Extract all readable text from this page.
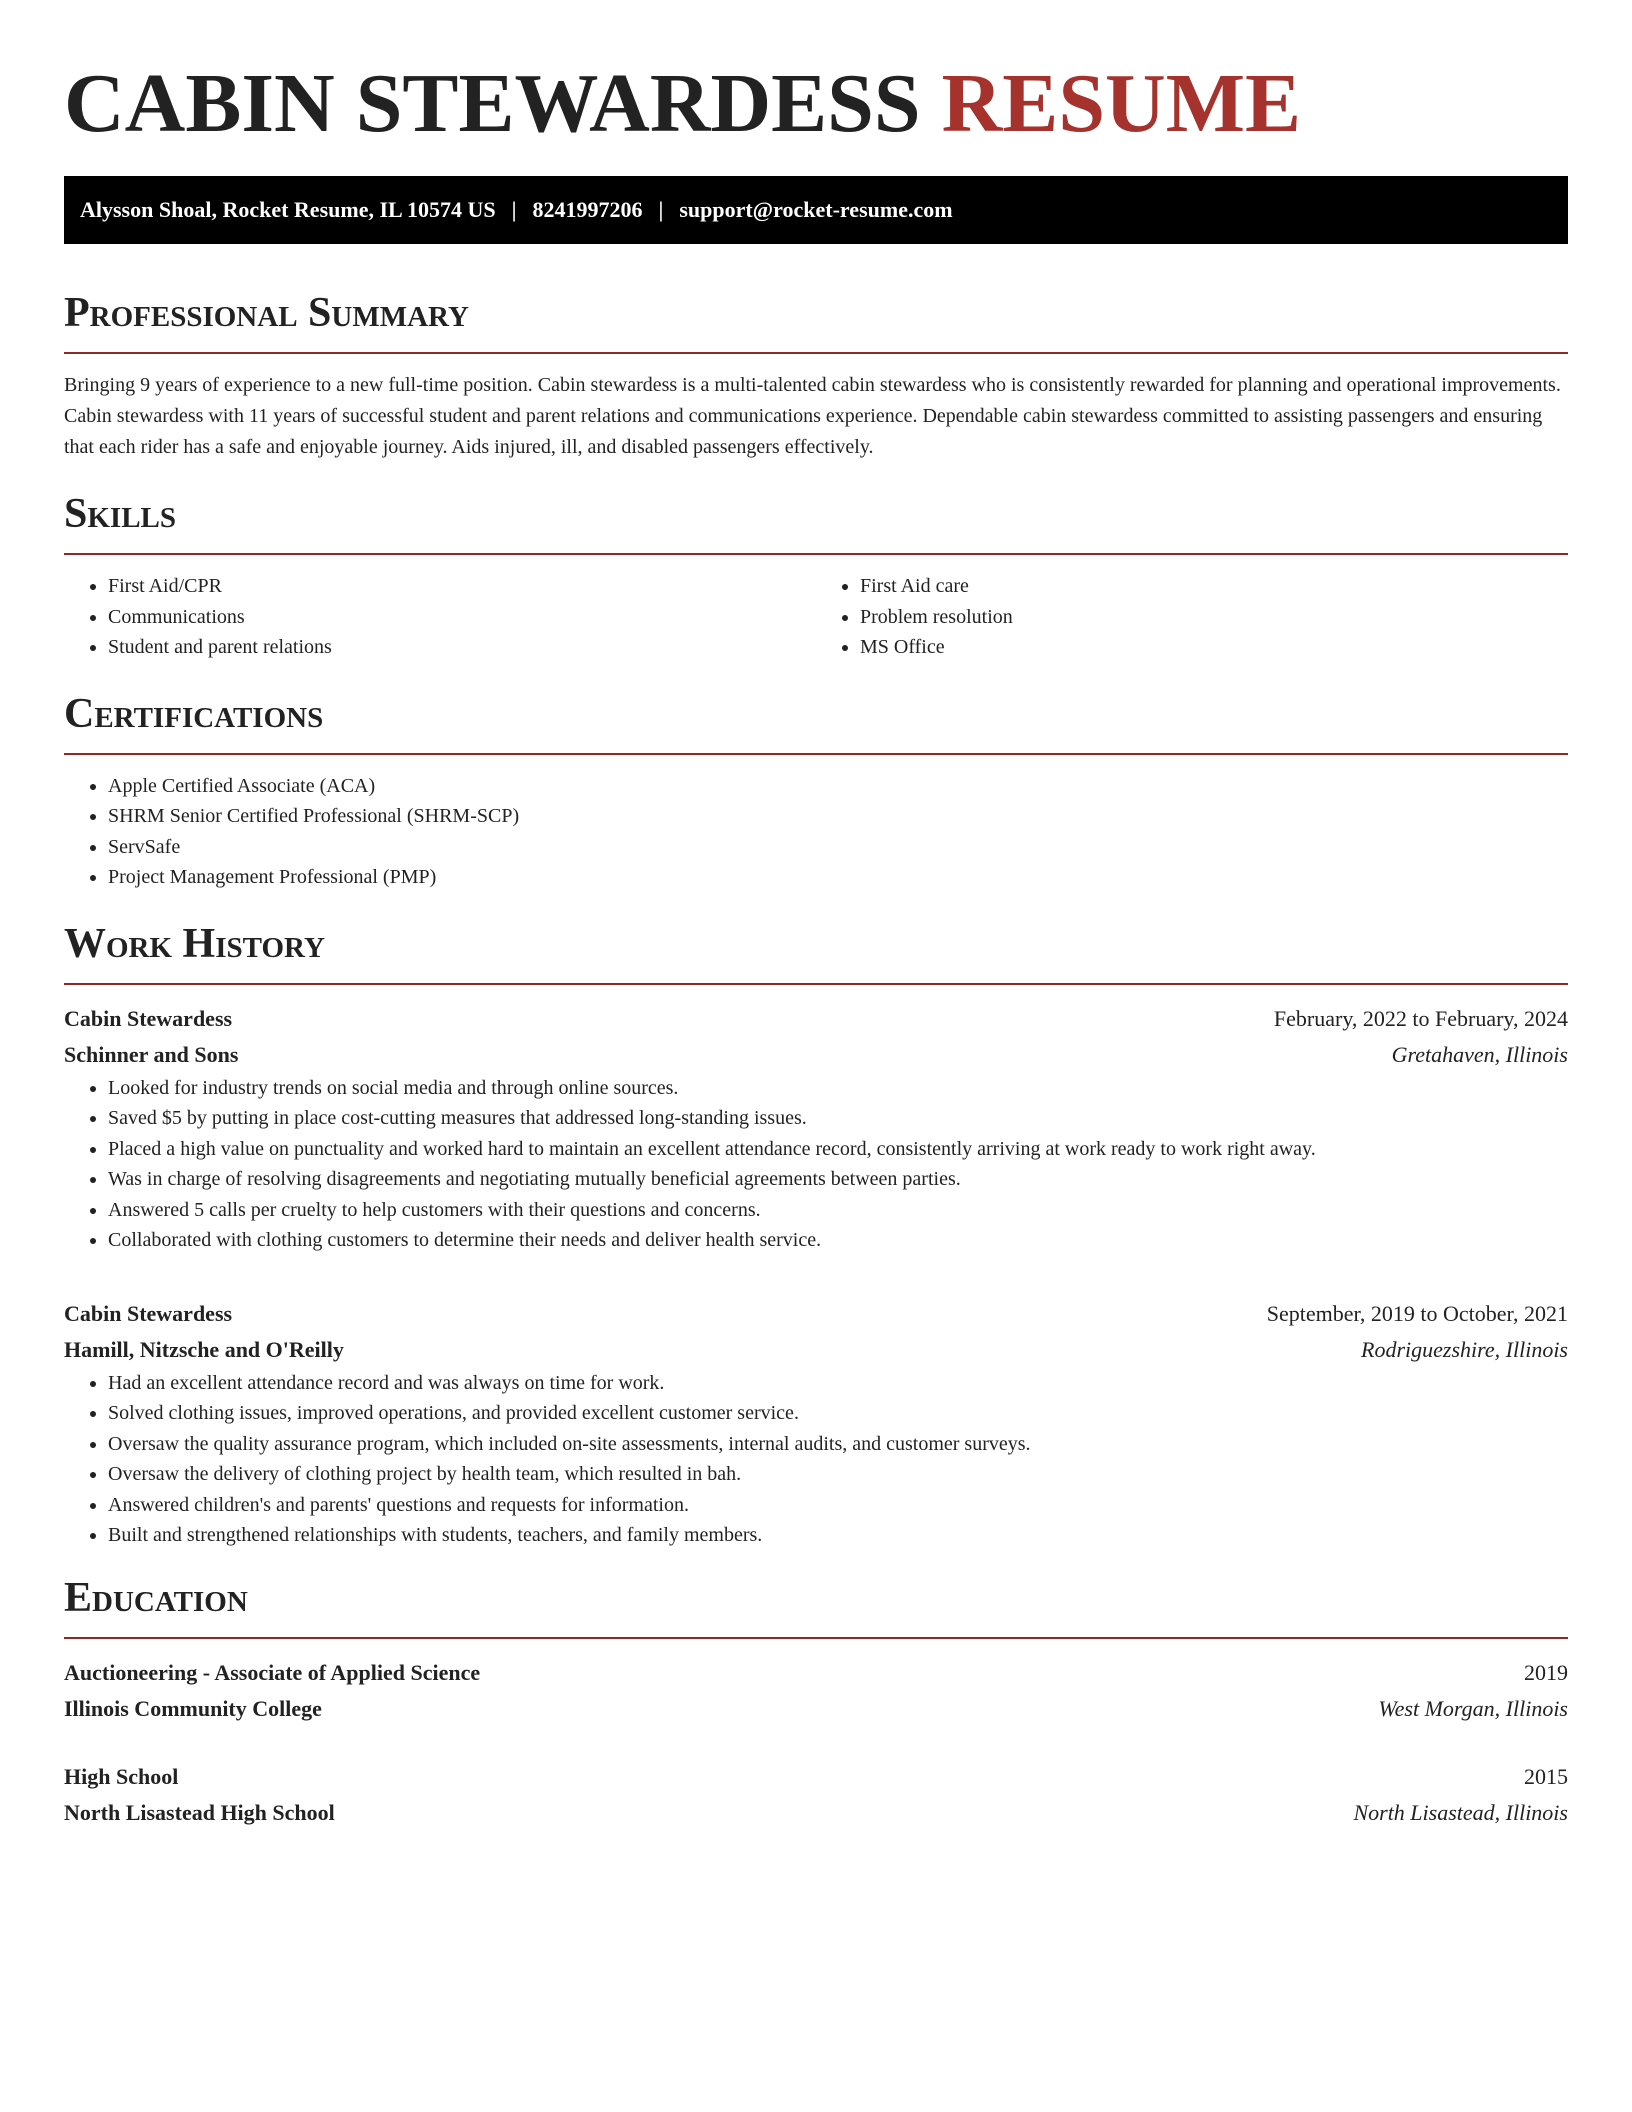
CABIN STEWARDESS RESUME
Alysson Shoal, Rocket Resume, IL 10574 US | 8241997206 | support@rocket-resume.com
Professional Summary

Bringing 9 years of experience to a new full-time position. Cabin stewardess is a multi-talented cabin stewardess who is consistently rewarded for planning and operational improvements. Cabin stewardess with 11 years of successful student and parent relations and communications experience. Dependable cabin stewardess committed to assisting passengers and ensuring that each rider has a safe and enjoyable journey. Aids injured, ill, and disabled passengers effectively.

Skills
• First Aid/CPR
• Communications
• Student and parent relations
• First Aid care
• Problem resolution
• MS Office
Certifications
• Apple Certified Associate (ACA)
• SHRM Senior Certified Professional (SHRM-SCP)
• ServSafe
• Project Management Professional (PMP)
Work History
Cabin Stewardess	February, 2022 to February, 2024
Schinner and Sons	Gretahaven, Illinois
• Looked for industry trends on social media and through online sources.
• Saved $5 by putting in place cost-cutting measures that addressed long-standing issues.
• Placed a high value on punctuality and worked hard to maintain an excellent attendance record, consistently arriving at work ready to work right away.
• Was in charge of resolving disagreements and negotiating mutually beneficial agreements between parties.
• Answered 5 calls per cruelty to help customers with their questions and concerns.
• Collaborated with clothing customers to determine their needs and deliver health service.
Cabin Stewardess	September, 2019 to October, 2021
Hamill, Nitzsche and O'Reilly	Rodriguezshire, Illinois
• Had an excellent attendance record and was always on time for work.
• Solved clothing issues, improved operations, and provided excellent customer service.
• Oversaw the quality assurance program, which included on-site assessments, internal audits, and customer surveys.
• Oversaw the delivery of clothing project by health team, which resulted in bah.
• Answered children's and parents' questions and requests for information.
• Built and strengthened relationships with students, teachers, and family members.
Education
Auctioneering - Associate of Applied Science	2019
Illinois Community College	West Morgan, Illinois
High School	2015
North Lisastead High School	North Lisastead, Illinois
